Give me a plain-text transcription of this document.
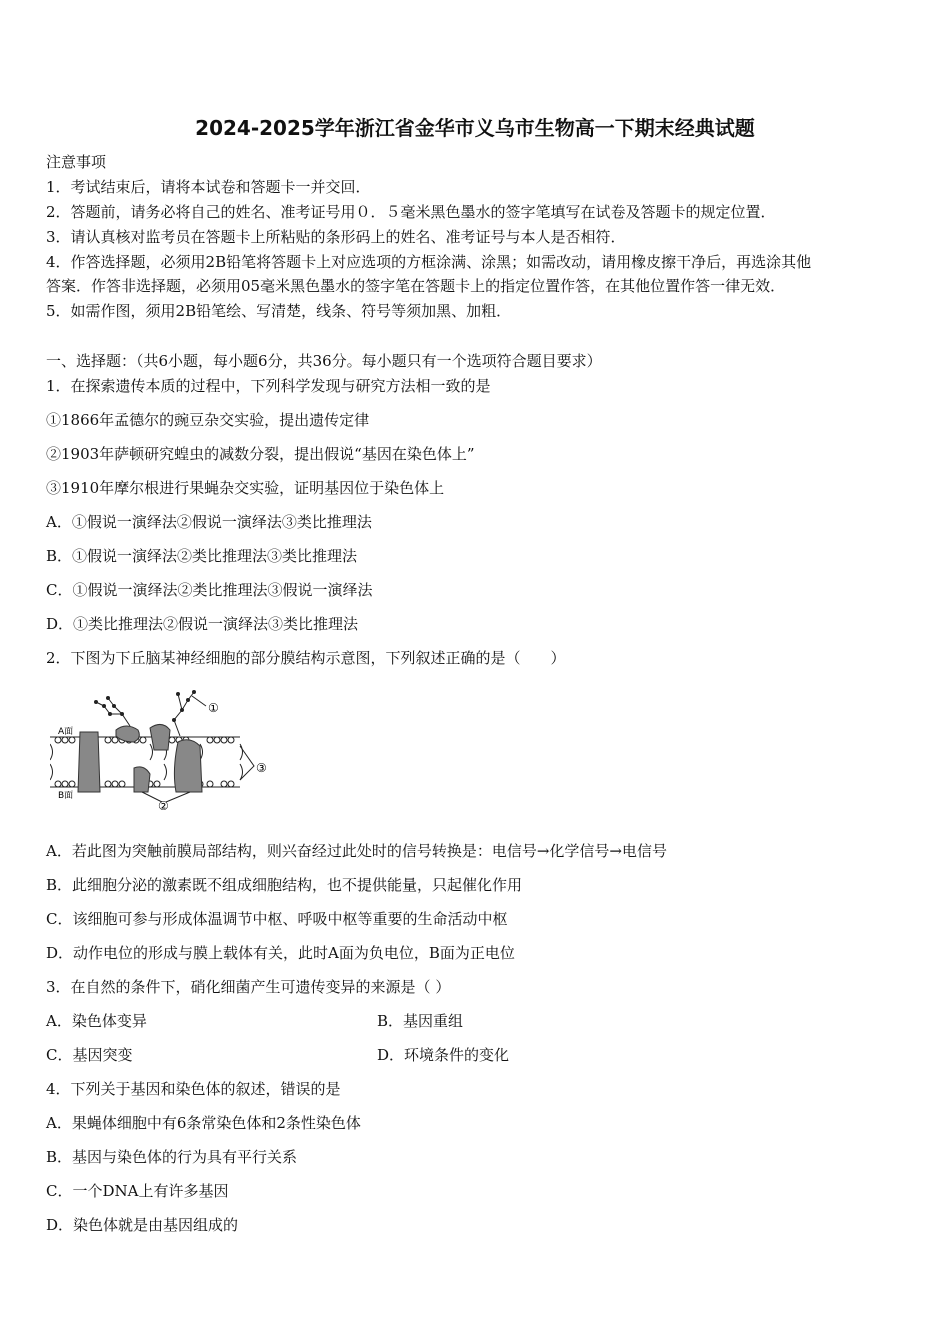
2024-2025学年浙江省金华市义乌市生物高一下期末经典试题
注意事项
1．考试结束后，请将本试卷和答题卡一并交回．
2．答题前，请务必将自己的姓名、准考证号用０．５毫米黑色墨水的签字笔填写在试卷及答题卡的规定位置．
3．请认真核对监考员在答题卡上所粘贴的条形码上的姓名、准考证号与本人是否相符．
4．作答选择题，必须用2B铅笔将答题卡上对应选项的方框涂满、涂黑；如需改动，请用橡皮擦干净后，再选涂其他
答案．作答非选择题，必须用05毫米黑色墨水的签字笔在答题卡上的指定位置作答，在其他位置作答一律无效．
5．如需作图，须用2B铅笔绘、写清楚，线条、符号等须加黑、加粗．
一、选择题：（共6小题，每小题6分，共36分。每小题只有一个选项符合题目要求）
1．在探索遗传本质的过程中，下列科学发现与研究方法相一致的是
①1866年孟德尔的豌豆杂交实验，提出遗传定律
②1903年萨顿研究蝗虫的减数分裂，提出假说“基因在染色体上”
③1910年摩尔根进行果蝇杂交实验，证明基因位于染色体上
A．①假说一演绎法②假说一演绎法③类比推理法
B．①假说一演绎法②类比推理法③类比推理法
C．①假说一演绎法②类比推理法③假说一演绎法
D．①类比推理法②假说一演绎法③类比推理法
2．下图为下丘脑某神经细胞的部分膜结构示意图，下列叙述正确的是（　　）
A面
B面
①
③
②
A．若此图为突触前膜局部结构，则兴奋经过此处时的信号转换是：电信号→化学信号→电信号
B．此细胞分泌的激素既不组成细胞结构，也不提供能量，只起催化作用
C．该细胞可参与形成体温调节中枢、呼吸中枢等重要的生命活动中枢
D．动作电位的形成与膜上载体有关，此时A面为负电位，B面为正电位
3．在自然的条件下，硝化细菌产生可遗传变异的来源是（ ）
A．染色体变异	B．基因重组
C．基因突变	D．环境条件的变化
4．下列关于基因和染色体的叙述，错误的是
A．果蝇体细胞中有6条常染色体和2条性染色体
B．基因与染色体的行为具有平行关系
C．一个DNA上有许多基因
D．染色体就是由基因组成的
